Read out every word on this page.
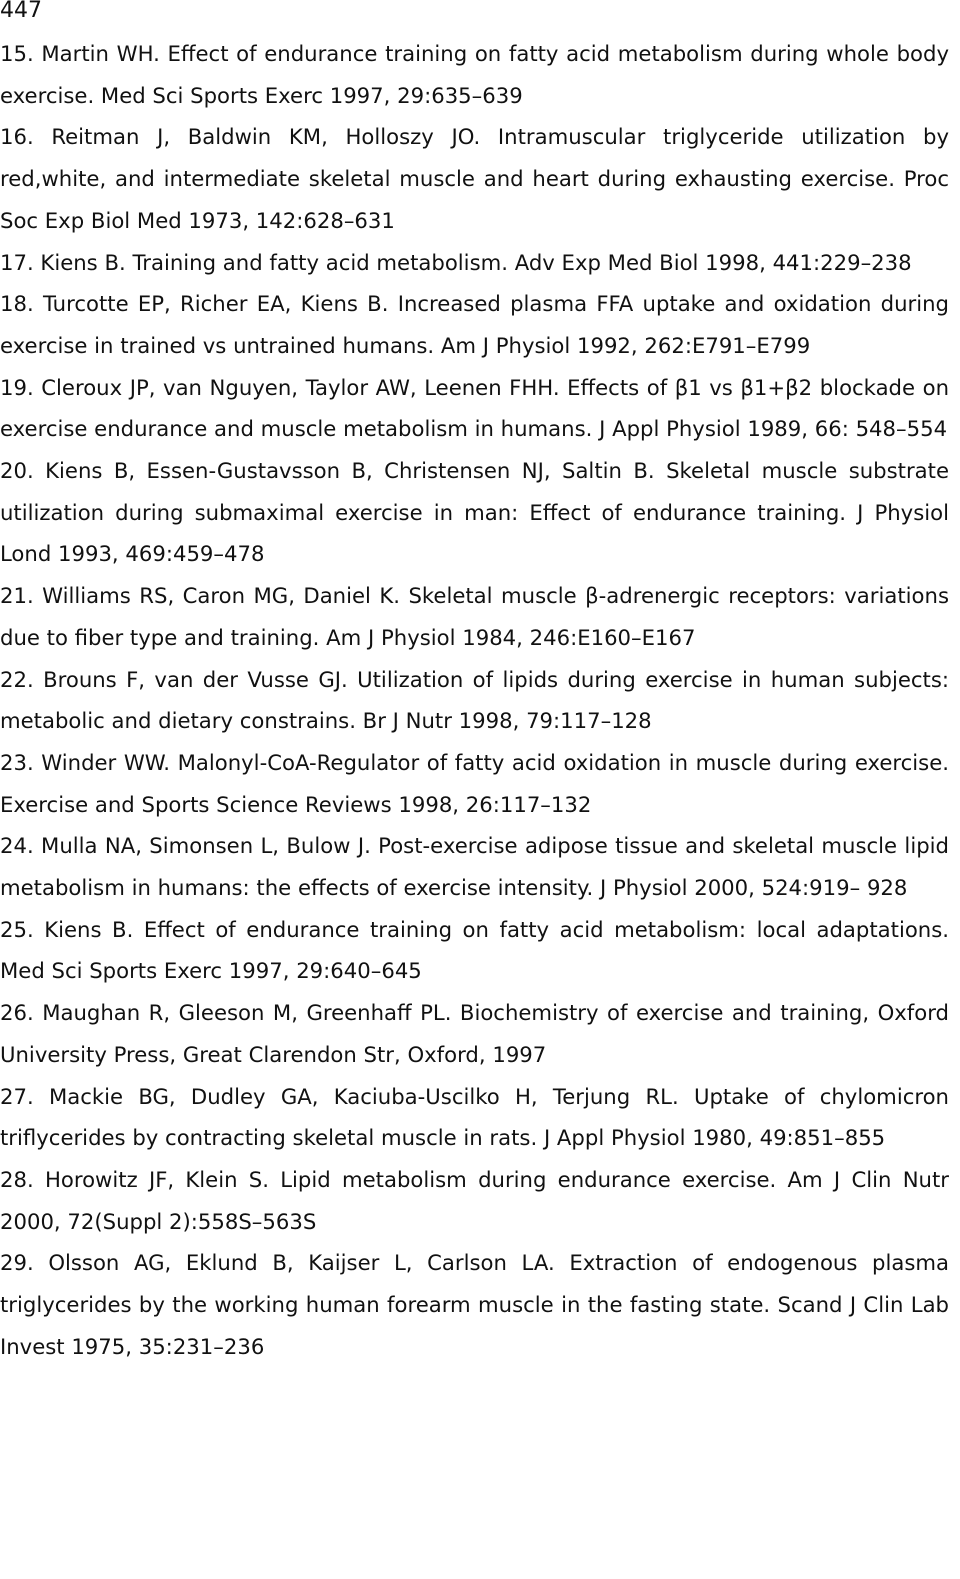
447

15. Martin WH. Effect of endurance training on fatty acid metabolism during whole body exercise. Med Sci Sports Exerc 1997, 29:635–639
16. Reitman J, Baldwin KM, Holloszy JO. Intramuscular triglyceride utilization by red,white, and intermediate skeletal muscle and heart during exhausting exercise. Proc Soc Exp Biol Med 1973, 142:628–631
17. Kiens B. Training and fatty acid metabolism. Adv Exp Med Biol 1998, 441:229–238
18. Turcotte EP, Richer EA, Kiens B. Increased plasma FFA uptake and oxidation during exercise in trained vs untrained humans. Am J Physiol 1992, 262:E791–E799
19. Cleroux JP, van Nguyen, Taylor AW, Leenen FHH. Effects of β1 vs β1+β2 blockade on exercise endurance and muscle metabolism in humans. J Appl Physiol 1989, 66: 548–554
20. Kiens B, Essen-Gustavsson B, Christensen NJ, Saltin B. Skeletal muscle substrate utilization during submaximal exercise in man: Effect of endurance training. J Physiol Lond 1993, 469:459–478
21. Williams RS, Caron MG, Daniel K. Skeletal muscle β-adrenergic receptors: variations due to fiber type and training. Am J Physiol 1984, 246:E160–E167
22. Brouns F, van der Vusse GJ. Utilization of lipids during exercise in human subjects: metabolic and dietary constrains. Br J Nutr 1998, 79:117–128
23. Winder WW. Malonyl-CoA-Regulator of fatty acid oxidation in muscle during exercise. Exercise and Sports Science Reviews 1998, 26:117–132
24. Mulla NA, Simonsen L, Bulow J. Post-exercise adipose tissue and skeletal muscle lipid metabolism in humans: the effects of exercise intensity. J Physiol 2000, 524:919– 928
25. Kiens B. Effect of endurance training on fatty acid metabolism: local adaptations. Med Sci Sports Exerc 1997, 29:640–645
26. Maughan R, Gleeson M, Greenhaff PL. Biochemistry of exercise and training, Oxford University Press, Great Clarendon Str, Oxford, 1997
27. Mackie BG, Dudley GA, Kaciuba-Uscilko H, Terjung RL. Uptake of chylomicron triflycerides by contracting skeletal muscle in rats. J Appl Physiol 1980, 49:851–855
28. Horowitz JF, Klein S. Lipid metabolism during endurance exercise. Am J Clin Nutr 2000, 72(Suppl 2):558S–563S
29. Olsson AG, Eklund B, Kaijser L, Carlson LA. Extraction of endogenous plasma triglycerides by the working human forearm muscle in the fasting state. Scand J Clin Lab Invest 1975, 35:231–236
